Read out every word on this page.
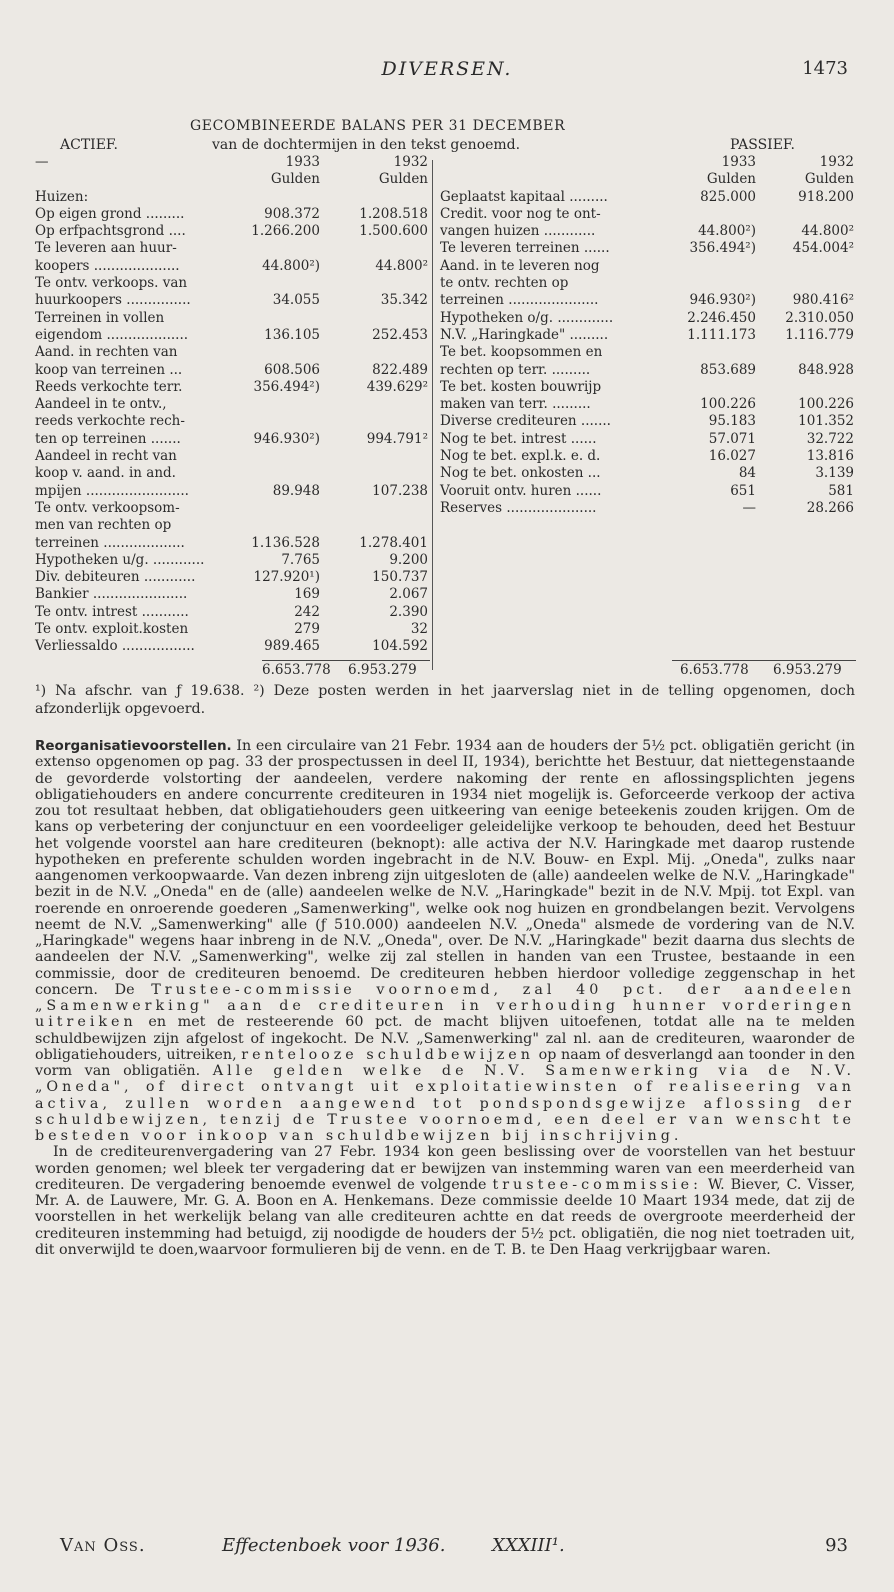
DIVERSEN.	1473
GECOMBINEERDE BALANS PER 31 DECEMBER
ACTIEF.	van de dochtermijen in den tekst genoemd.	PASSIEF.
—	1933	1932
Gulden	Gulden
Huizen:
Op eigen grond .........	908.372	1.208.518
Op erfpachtsgrond ....	1.266.200	1.500.600
Te leveren aan huur-
koopers ....................	44.800²)	44.800²
Te ontv. verkoops. van
huurkoopers ...............	34.055	35.342
Terreinen in vollen
eigendom ...................	136.105	252.453
Aand. in rechten van
koop van terreinen ...	608.506	822.489
Reeds verkochte terr.	356.494²)	439.629²
Aandeel in te ontv.,
reeds verkochte rech-
ten op terreinen .......	946.930²)	994.791²
Aandeel in recht van
koop v. aand. in and.
mpijen ........................	89.948	107.238
Te ontv. verkoopsom-
men van rechten op
terreinen ...................	1.136.528	1.278.401
Hypotheken u/g. ............	7.765	9.200
Div. debiteuren ............	127.920¹)	150.737
Bankier ......................	169	2.067
Te ontv. intrest ...........	242	2.390
Te ontv. exploit.kosten	279	32
Verliessaldo .................	989.465	104.592
1933	1932
Gulden	Gulden
Geplaatst kapitaal .........	825.000	918.200
Credit. voor nog te ont-
vangen huizen ............	44.800²)	44.800²
Te leveren terreinen ......	356.494²)	454.004²
Aand. in te leveren nog
te ontv. rechten op
terreinen .....................	946.930²)	980.416²
Hypotheken o/g. .............	2.246.450 2.310.050
N.V. „Haringkade" .........	1.111.173 1.116.779
Te bet. koopsommen en
rechten op terr. .........	853.689	848.928
Te bet. kosten bouwrijp
maken van terr. .........	100.226	100.226
Diverse crediteuren .......	95.183	101.352
Nog te bet. intrest ......	57.071	32.722
Nog te bet. expl.k. e. d.	16.027	13.816
Nog te bet. onkosten ...	84	3.139
Vooruit ontv. huren ......	651	581
Reserves .....................	—	28.266
6.653.778 6.953.279	6.653.778 6.953.279
¹) Na afschr. van ƒ 19.638. ²) Deze posten werden in het jaarverslag niet in de telling opgenomen, doch afzonderlijk opgevoerd.

Reorganisatievoorstellen. In een circulaire van 21 Febr. 1934 aan de houders der 5½ pct. obligatiën gericht (in extenso opgenomen op pag. 33 der prospectussen in deel II, 1934), berichtte het Bestuur, dat niettegenstaande de gevorderde volstorting der aandeelen, verdere nakoming der rente en aflossingsplichten jegens obligatiehouders en andere concurrente crediteuren in 1934 niet mogelijk is. Geforceerde verkoop der activa zou tot resultaat hebben, dat obligatiehouders geen uitkeering van eenige beteekenis zouden krijgen. Om de kans op verbetering der conjunctuur en een voordeeliger geleidelijke verkoop te behouden, deed het Bestuur het volgende voorstel aan hare crediteuren (beknopt): alle activa der N.V. Haringkade met daarop rustende hypotheken en preferente schulden worden ingebracht in de N.V. Bouw- en Expl. Mij. „Oneda", zulks naar aangenomen verkoopwaarde. Van dezen inbreng zijn uitgesloten de (alle) aandeelen welke de N.V. „Haringkade" bezit in de N.V. „Oneda" en de (alle) aandeelen welke de N.V. „Haringkade" bezit in de N.V. Mpij. tot Expl. van roerende en onroerende goederen „Samenwerking", welke ook nog huizen en grondbelangen bezit. Vervolgens neemt de N.V. „Samenwerking" alle (ƒ 510.000) aandeelen N.V. „Oneda" alsmede de vordering van de N.V. „Haringkade" wegens haar inbreng in de N.V. „Oneda", over. De N.V. „Haringkade" bezit daarna dus slechts de aandeelen der N.V. „Samenwerking", welke zij zal stellen in handen van een Trustee, bestaande in een commissie, door de crediteuren benoemd. De crediteuren hebben hierdoor volledige zeggenschap in het concern. De Trustee-commissie voornoemd, zal 40 pct. der aandeelen „Samenwerking" aan de crediteuren in verhouding hunner vorderingen uitreiken en met de resteerende 60 pct. de macht blijven uitoefenen, totdat alle na te melden schuldbewijzen zijn afgelost of ingekocht. De N.V. „Samenwerking" zal nl. aan de crediteuren, waaronder de obligatiehouders, uitreiken, rentelooze schuldbewijzen op naam of desverlangd aan toonder in den vorm van obligatiën. Alle gelden welke de N.V. Samenwerking via de N.V. „Oneda", of direct ontvangt uit exploitatiewinsten of realiseering van activa, zullen worden aangewend tot pondspondsgewijze aflossing der schuldbewijzen, tenzij de Trustee voornoemd, een deel er van wenscht te besteden voor inkoop van schuldbewijzen bij inschrijving.

In de crediteurenvergadering van 27 Febr. 1934 kon geen beslissing over de voorstellen van het bestuur worden genomen; wel bleek ter vergadering dat er bewijzen van instemming waren van een meerderheid van crediteuren. De vergadering benoemde evenwel de volgende trustee-commissie: W. Biever, C. Visser, Mr. A. de Lauwere, Mr. G. A. Boon en A. Henkemans. Deze commissie deelde 10 Maart 1934 mede, dat zij de voorstellen in het werkelijk belang van alle crediteuren achtte en dat reeds de overgroote meerderheid der crediteuren instemming had betuigd, zij noodigde de houders der 5½ pct. obligatiën, die nog niet toetraden uit, dit onverwijld te doen,waarvoor formulieren bij de venn. en de T. B. te Den Haag verkrijgbaar waren.

Van Oss.	Effectenboek voor 1936.	XXXIII¹.	93
